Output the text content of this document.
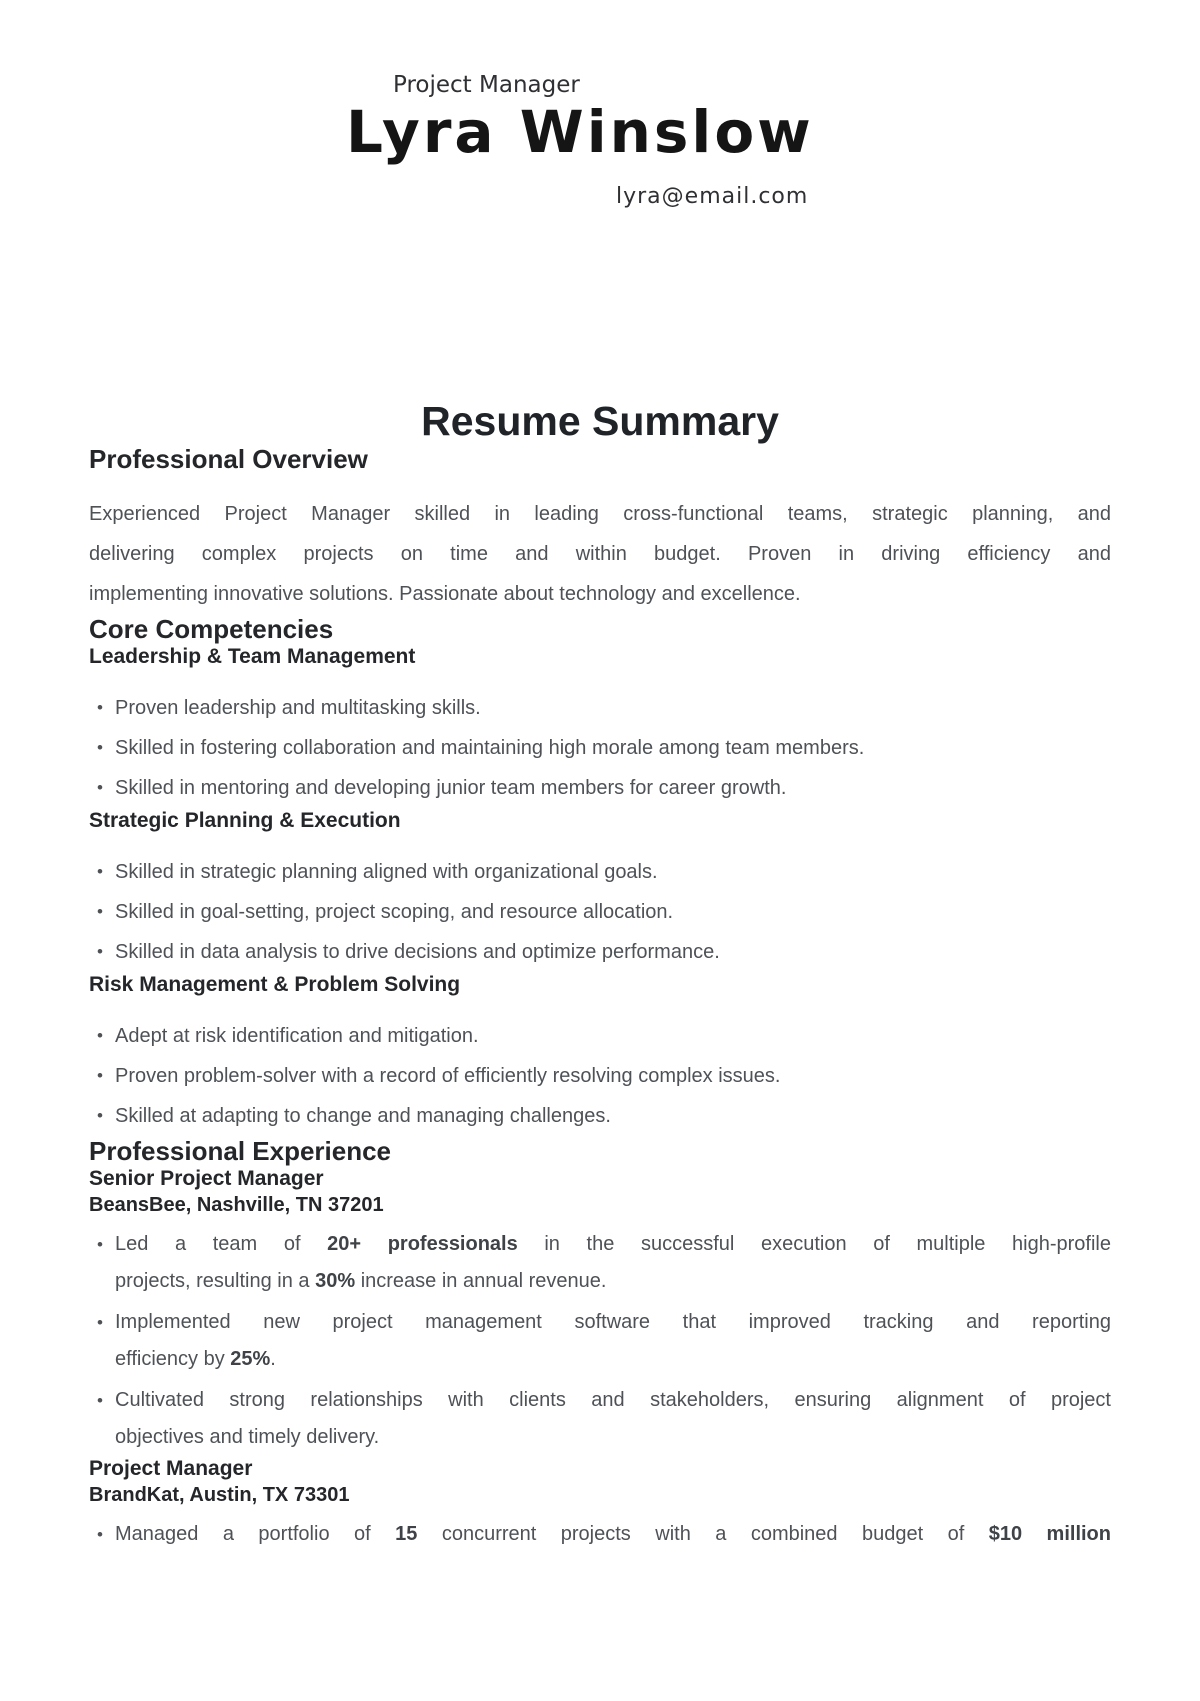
Project Manager
Lyra Winslow
lyra@email.com
Resume Summary
Professional Overview
Experienced Project Manager skilled in leading cross-functional teams, strategic planning, and
delivering complex projects on time and within budget. Proven in driving efficiency and
implementing innovative solutions. Passionate about technology and excellence.
Core Competencies
Leadership & Team Management
• Proven leadership and multitasking skills.
• Skilled in fostering collaboration and maintaining high morale among team members.
• Skilled in mentoring and developing junior team members for career growth.
Strategic Planning & Execution
• Skilled in strategic planning aligned with organizational goals.
• Skilled in goal-setting, project scoping, and resource allocation.
• Skilled in data analysis to drive decisions and optimize performance.
Risk Management & Problem Solving
• Adept at risk identification and mitigation.
• Proven problem-solver with a record of efficiently resolving complex issues.
• Skilled at adapting to change and managing challenges.
Professional Experience
Senior Project Manager
BeansBee, Nashville, TN 37201
• Led a team of 20+ professionals in the successful execution of multiple high-profile
projects, resulting in a 30% increase in annual revenue.
• Implemented new project management software that improved tracking and reporting
efficiency by 25%.
• Cultivated strong relationships with clients and stakeholders, ensuring alignment of project
objectives and timely delivery.
Project Manager
BrandKat, Austin, TX 73301
• Managed a portfolio of 15 concurrent projects with a combined budget of $10 million
